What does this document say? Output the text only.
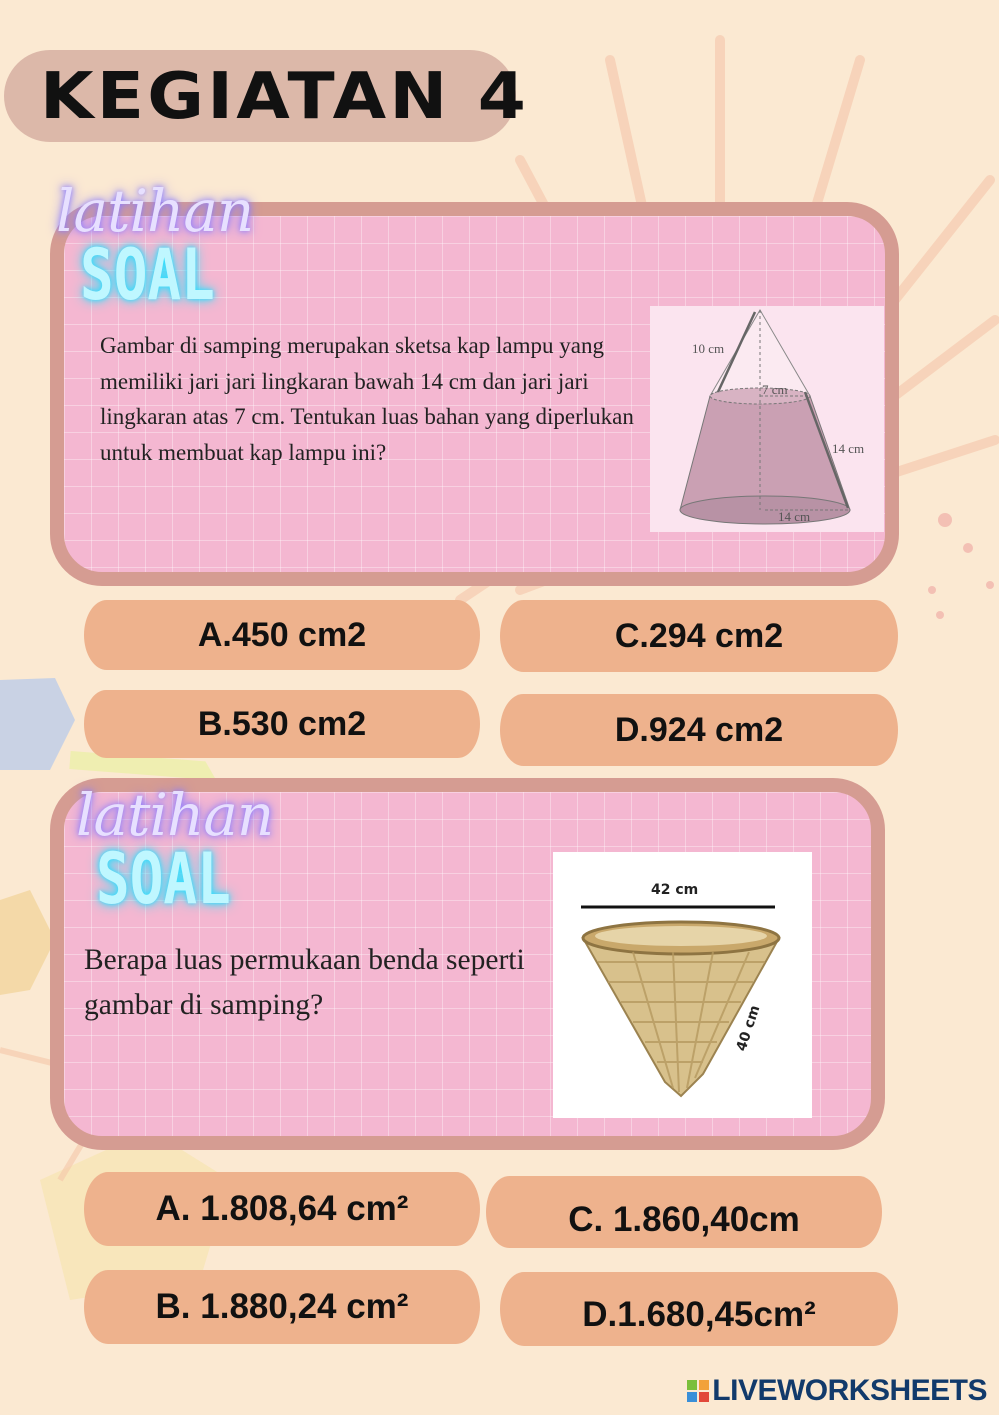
KEGIATAN 4
latihan
SOAL
Gambar di samping merupakan sketsa kap lampu yang memiliki jari jari lingkaran bawah 14 cm dan jari jari lingkaran atas 7 cm. Tentukan luas bahan yang diperlukan untuk membuat kap lampu ini?
10 cm
7 cm
14 cm
14 cm
A.450 cm2	C.294 cm2
B.530 cm2	D.924 cm2
latihan
SOAL
Berapa luas permukaan benda seperti gambar di samping?
42 cm
40 cm
A. 1.808,64 cm²	C. 1.860,40cm
B. 1.880,24 cm²	D.1.680,45cm²
LIVEWORKSHEETS
